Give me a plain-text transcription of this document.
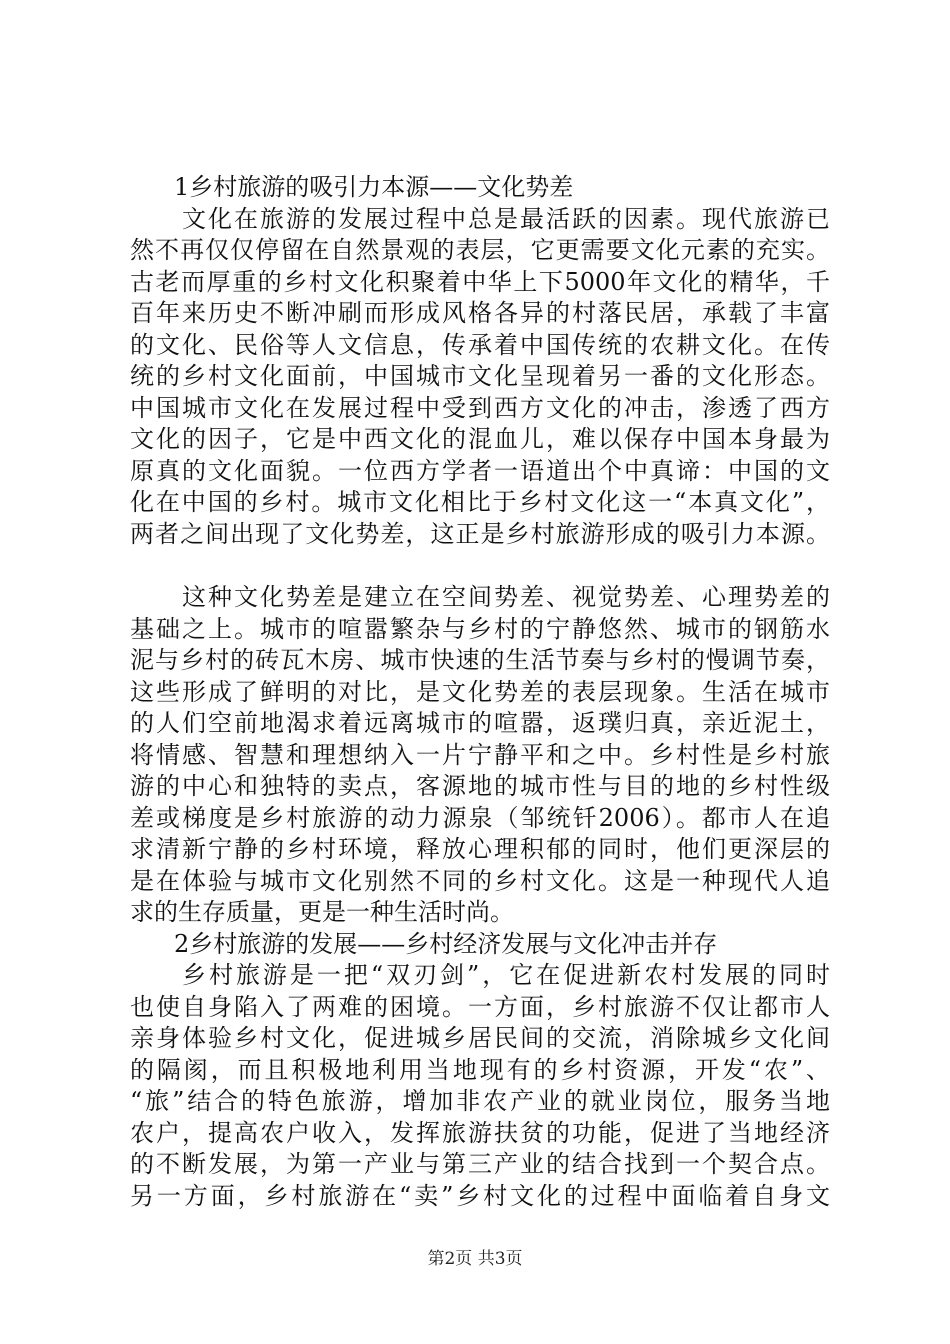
1乡村旅游的吸引力本源——文化势差
文化在旅游的发展过程中总是最活跃的因素。现代旅游已
然不再仅仅停留在自然景观的表层，它更需要文化元素的充实。
古老而厚重的乡村文化积聚着中华上下5000年文化的精华，千
百年来历史不断冲刷而形成风格各异的村落民居，承载了丰富
的文化、民俗等人文信息，传承着中国传统的农耕文化。在传
统的乡村文化面前，中国城市文化呈现着另一番的文化形态。
中国城市文化在发展过程中受到西方文化的冲击，渗透了西方
文化的因子，它是中西文化的混血儿，难以保存中国本身最为
原真的文化面貌。一位西方学者一语道出个中真谛：中国的文
化在中国的乡村。城市文化相比于乡村文化这一“本真文化”，
两者之间出现了文化势差，这正是乡村旅游形成的吸引力本源。
这种文化势差是建立在空间势差、视觉势差、心理势差的
基础之上。城市的喧嚣繁杂与乡村的宁静悠然、城市的钢筋水
泥与乡村的砖瓦木房、城市快速的生活节奏与乡村的慢调节奏，
这些形成了鲜明的对比，是文化势差的表层现象。生活在城市
的人们空前地渴求着远离城市的喧嚣，返璞归真，亲近泥土，
将情感、智慧和理想纳入一片宁静平和之中。乡村性是乡村旅
游的中心和独特的卖点，客源地的城市性与目的地的乡村性级
差或梯度是乡村旅游的动力源泉（邹统钎2006）。都市人在追
求清新宁静的乡村环境，释放心理积郁的同时，他们更深层的
是在体验与城市文化别然不同的乡村文化。这是一种现代人追
求的生存质量，更是一种生活时尚。
2乡村旅游的发展——乡村经济发展与文化冲击并存
乡村旅游是一把“双刃剑”，它在促进新农村发展的同时
也使自身陷入了两难的困境。一方面，乡村旅游不仅让都市人
亲身体验乡村文化，促进城乡居民间的交流，消除城乡文化间
的隔阂，而且积极地利用当地现有的乡村资源，开发“农”、
“旅”结合的特色旅游，增加非农产业的就业岗位，服务当地
农户，提高农户收入，发挥旅游扶贫的功能，促进了当地经济
的不断发展，为第一产业与第三产业的结合找到一个契合点。
另一方面，乡村旅游在“卖”乡村文化的过程中面临着自身文
第2页 共3页
